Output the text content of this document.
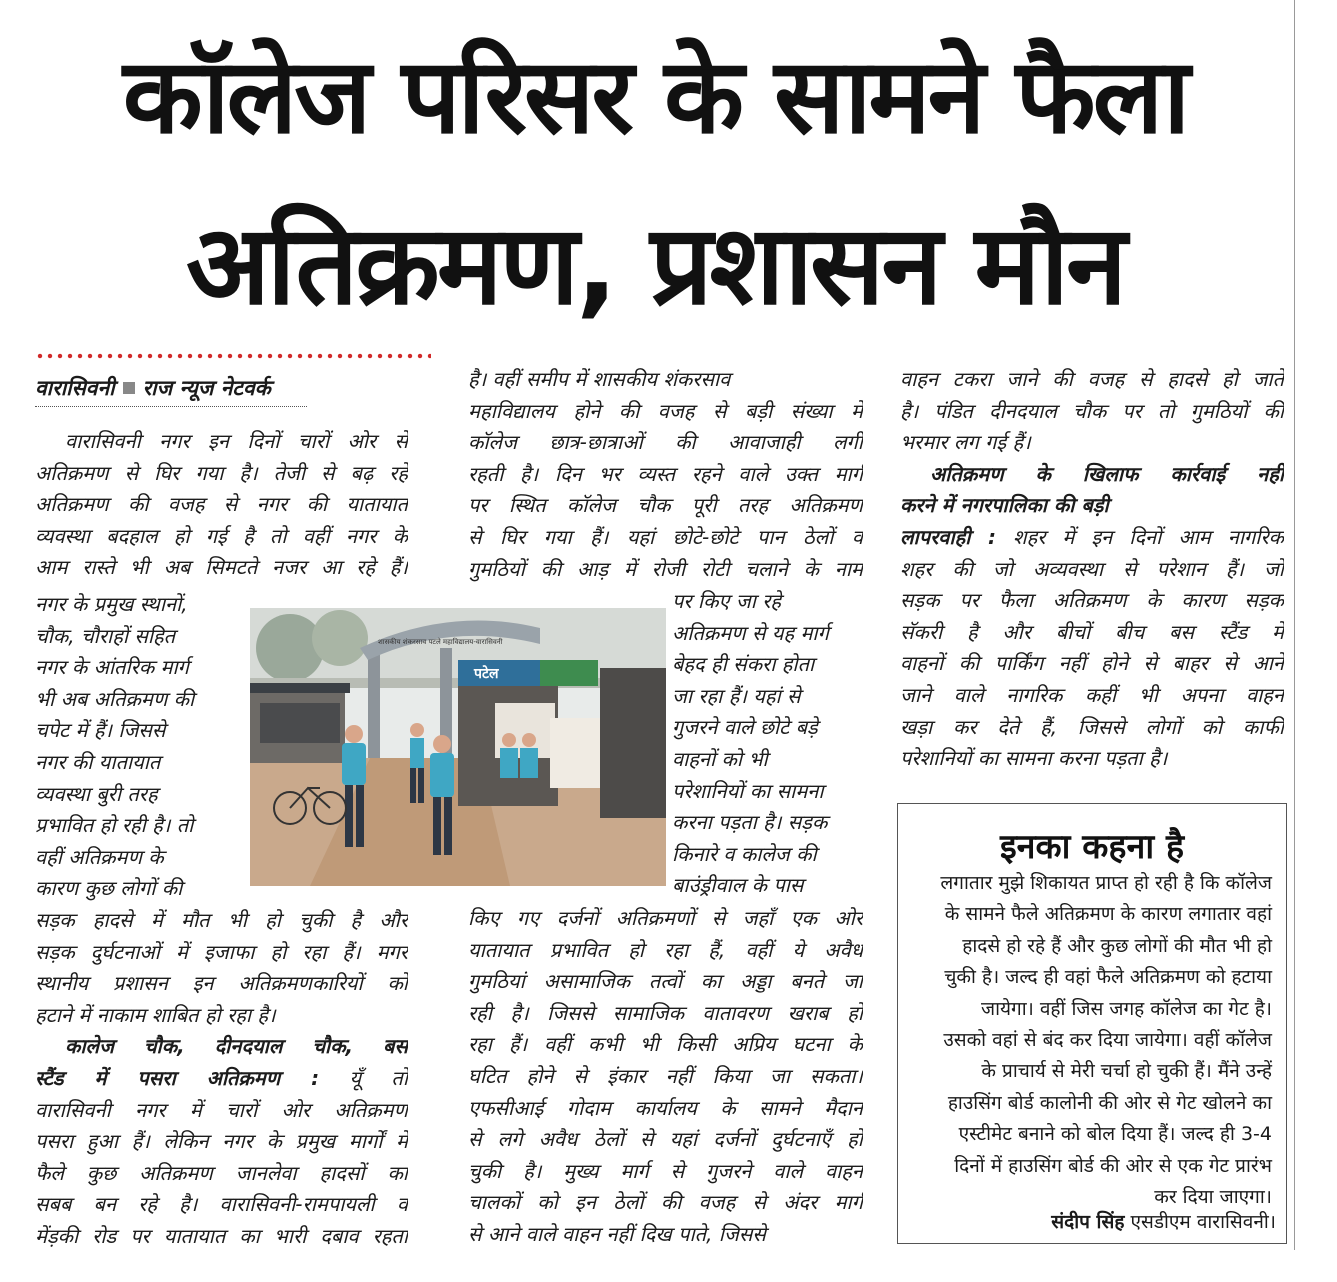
कॉलेज परिसर के सामने फैला
अतिक्रमण, प्रशासन मौन
वारासिवनी राज न्यूज नेटवर्क
वारासिवनी नगर इन दिनों चारों ओर से
अतिक्रमण से घिर गया है। तेजी से बढ़ रहे
अतिक्रमण की वजह से नगर की यातायात
व्यवस्था बदहाल हो गई है तो वहीं नगर के
आम रास्ते भी अब सिमटते नजर आ रहे हैं।
नगर के प्रमुख स्थानों,
चौक, चौराहों सहित
नगर के आंतरिक मार्ग
भी अब अतिक्रमण की
चपेट में हैं। जिससे
नगर की यातायात
व्यवस्था बुरी तरह
प्रभावित हो रही है। तो
वहीं अतिक्रमण के
कारण कुछ लोगों की
सड़क हादसे में मौत भी हो चुकी है और
सड़क दुर्घटनाओं में इजाफा हो रहा हैं। मगर
स्थानीय प्रशासन इन अतिक्रमणकारियों को
हटाने में नाकाम शाबित हो रहा है।
कालेज चौक, दीनदयाल चौक, बस
स्टैंड में पसरा अतिक्रमण : यूँ तो
वारासिवनी नगर में चारों ओर अतिक्रमण
पसरा हुआ हैं। लेकिन नगर के प्रमुख मार्गों में
फैले कुछ अतिक्रमण जानलेवा हादसों का
सबब बन रहे है। वारासिवनी-रामपायली व
मेंड़की रोड पर यातायात का भारी दबाव रहता
है। वहीं समीप में शासकीय शंकरसाव
महाविद्यालय होने की वजह से बड़ी संख्या में
कॉलेज छात्र-छात्राओं की आवाजाही लगी
रहती है। दिन भर व्यस्त रहने वाले उक्त मार्ग
पर स्थित कॉलेज चौक पूरी तरह अतिक्रमण
से घिर गया हैं। यहां छोटे-छोटे पान ठेलों व
गुमठियों की आड़ में रोजी रोटी चलाने के नाम
पर किए जा रहे
अतिक्रमण से यह मार्ग
बेहद ही संकरा होता
जा रहा हैं। यहां से
गुजरने वाले छोटे बड़े
वाहनों को भी
परेशानियों का सामना
करना पड़ता है। सड़क
किनारे व कालेज की
बाउंड्रीवाल के पास
किए गए दर्जनों अतिक्रमणों से जहाँ एक ओर
यातायात प्रभावित हो रहा हैं, वहीं ये अवैध
गुमठियां असामाजिक तत्वों का अड्डा बनते जा
रही है। जिससे सामाजिक वातावरण खराब हो
रहा हैं। वहीं कभी भी किसी अप्रिय घटना के
घटित होने से इंकार नहीं किया जा सकता।
एफसीआई गोदाम कार्यालय के सामने मैदान
से लगे अवैध ठेलों से यहां दर्जनों दुर्घटनाएँ हो
चुकी है। मुख्य मार्ग से गुजरने वाले वाहन
चालकों को इन ठेलों की वजह से अंदर मार्ग
से आने वाले वाहन नहीं दिख पाते, जिससे
शासकीय शंकरसाव पटले महाविद्यालय-वारासिवनी
पटेल
वाहन टकरा जाने की वजह से हादसे हो जाते
है। पंडित दीनदयाल चौक पर तो गुमठियों की
भरमार लग गई हैं।
अतिक्रमण के खिलाफ कार्रवाई नहीं
करने में नगरपालिका की बड़ी
लापरवाही : शहर में इन दिनों आम नागरिक
शहर की जो अव्यवस्था से परेशान हैं। जो
सड़क पर फैला अतिक्रमण के कारण सड़क
सॅकरी है और बीचों बीच बस स्टैंड में
वाहनों की पार्किंग नहीं होने से बाहर से आने
जाने वाले नागरिक कहीं भी अपना वाहन
खड़ा कर देते हैं, जिससे लोगों को काफी
परेशानियों का सामना करना पड़ता है।
इनका कहना है
लगातार मुझे शिकायत प्राप्त हो रही है कि कॉलेज
के सामने फैले अतिक्रमण के कारण लगातार वहां
हादसे हो रहे हैं और कुछ लोगों की मौत भी हो
चुकी है। जल्द ही वहां फैले अतिक्रमण को हटाया
जायेगा। वहीं जिस जगह कॉलेज का गेट है।
उसको वहां से बंद कर दिया जायेगा। वहीं कॉलेज
के प्राचार्य से मेरी चर्चा हो चुकी हैं। मैंने उन्हें
हाउसिंग बोर्ड कालोनी की ओर से गेट खोलने का
एस्टीमेट बनाने को बोल दिया हैं। जल्द ही 3-4
दिनों में हाउसिंग बोर्ड की ओर से एक गेट प्रारंभ
कर दिया जाएगा।
संदीप सिंह एसडीएम वारासिवनी।
